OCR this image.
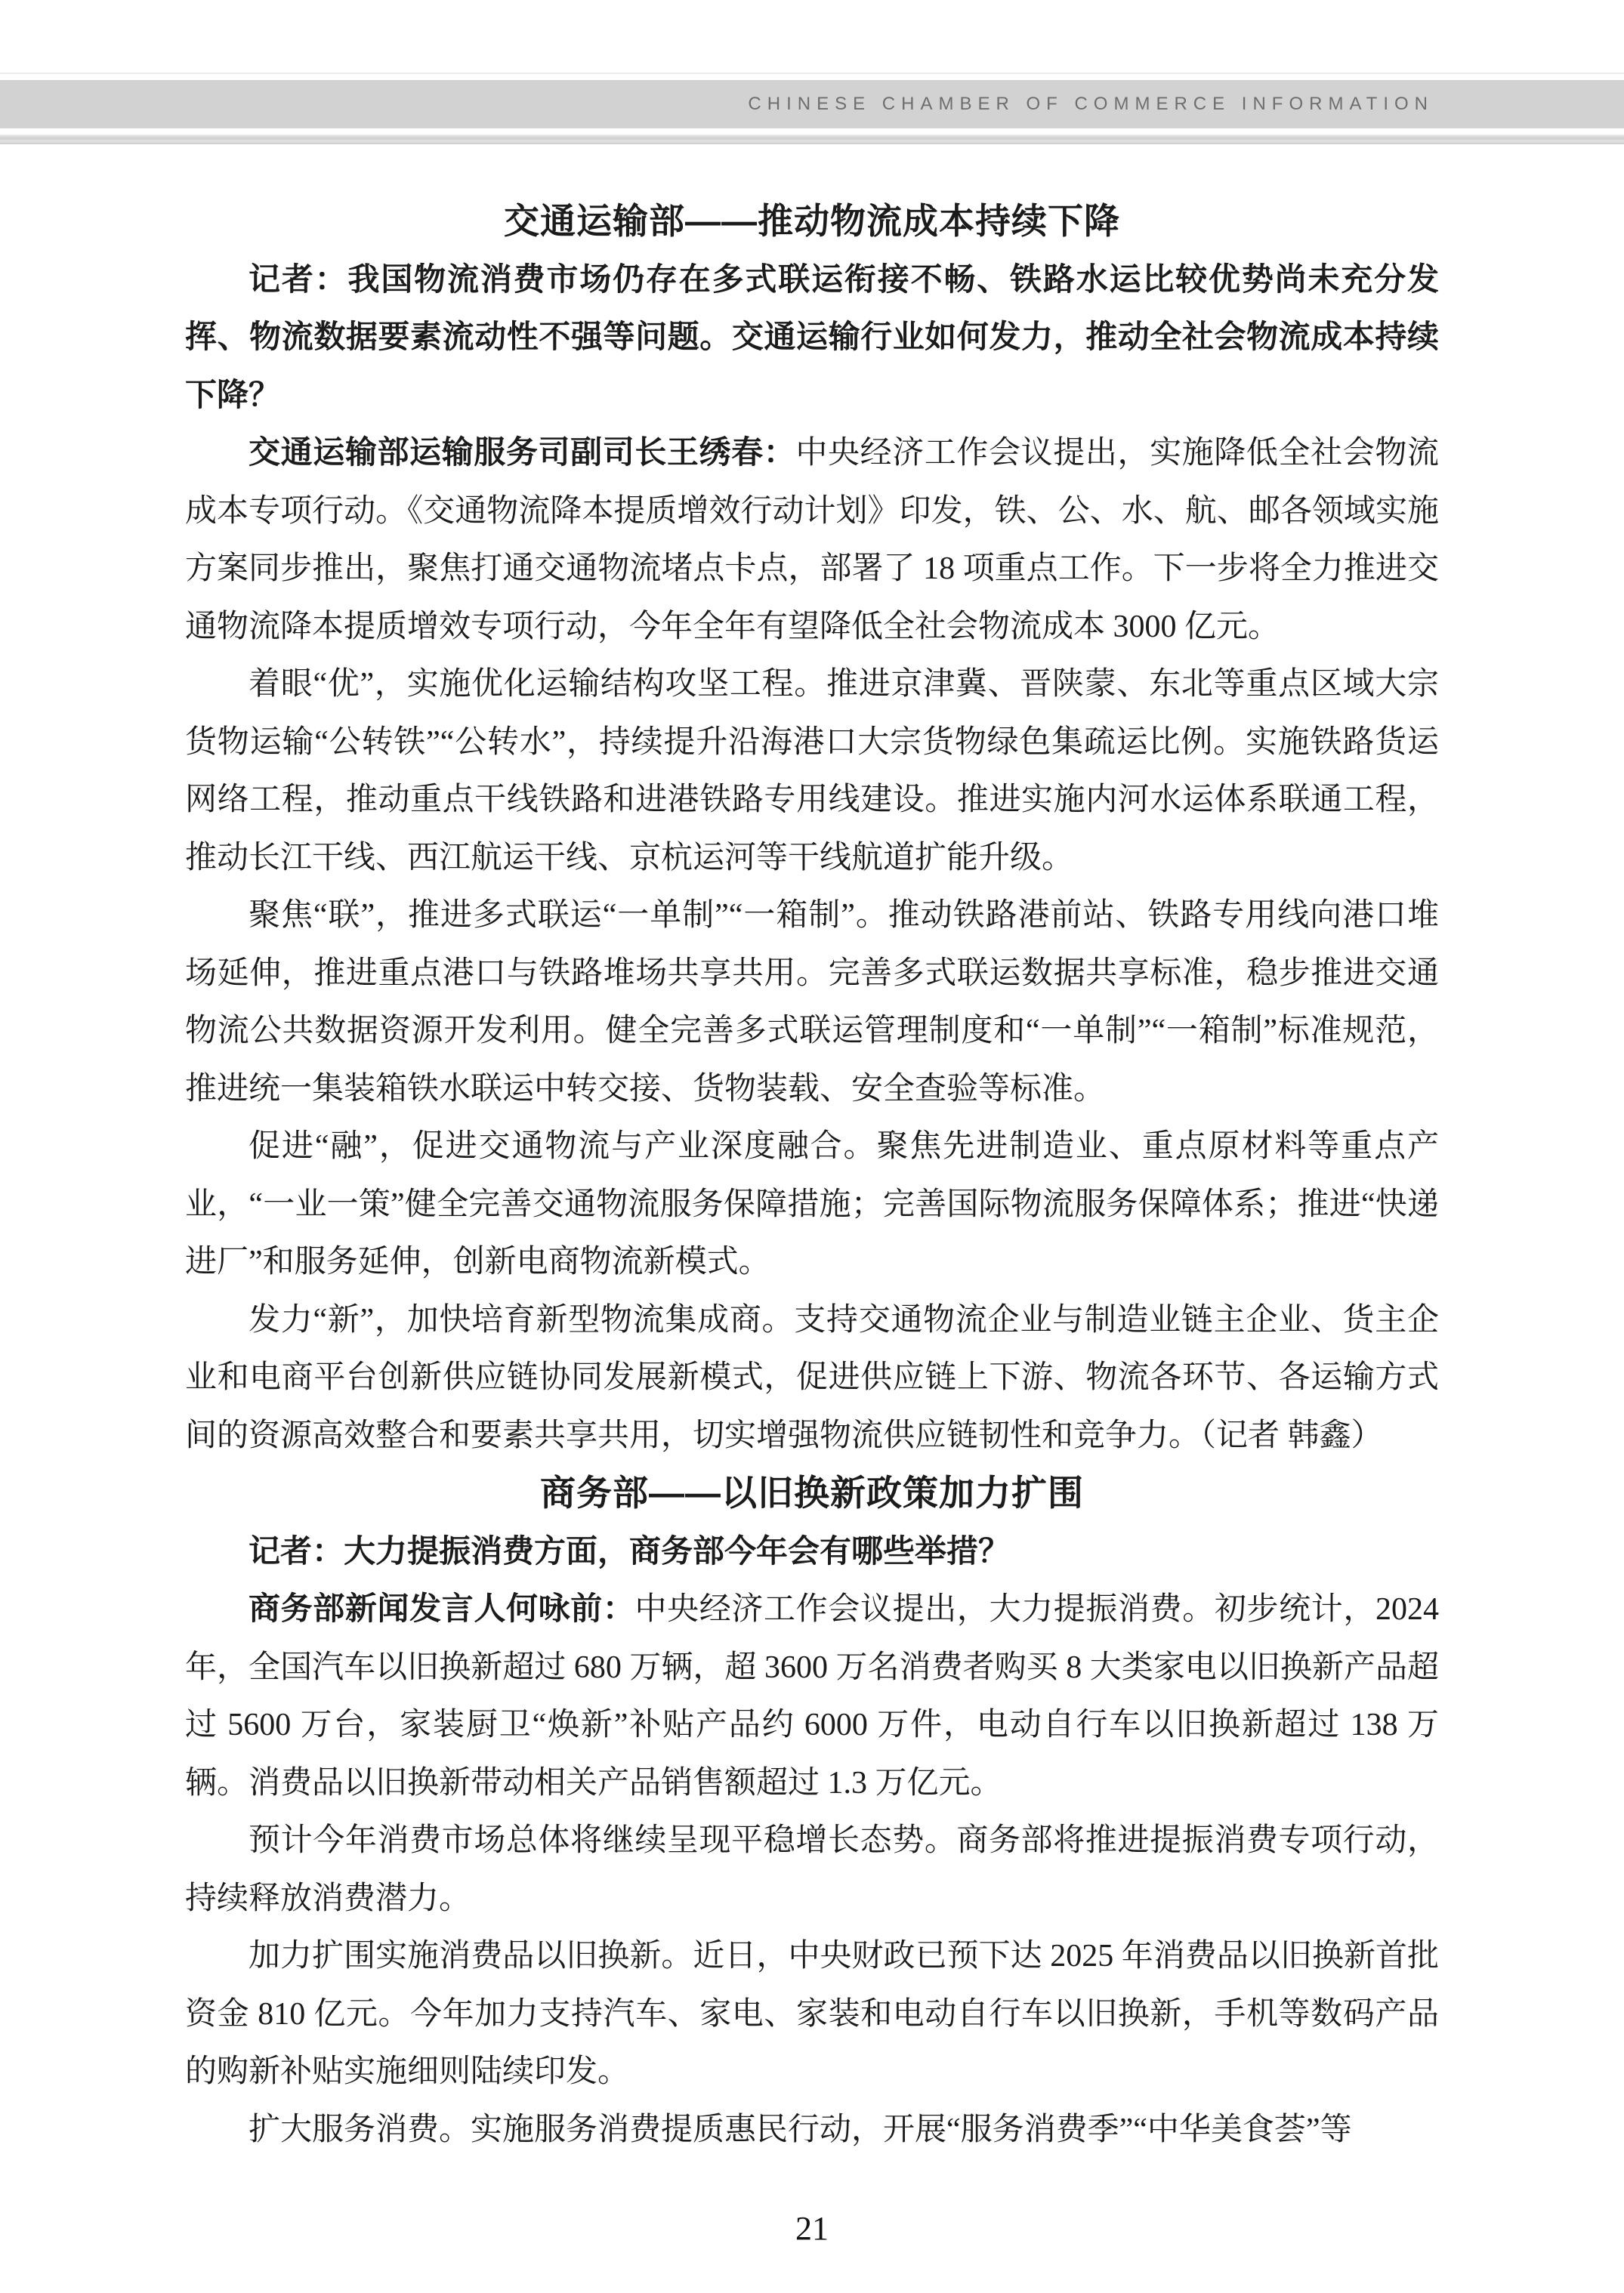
CHINESE CHAMBER OF COMMERCE INFORMATION
交通运输部——推动物流成本持续下降

记者：我国物流消费市场仍存在多式联运衔接不畅、铁路水运比较优势尚未充分发挥、物流数据要素流动性不强等问题。交通运输行业如何发力，推动全社会物流成本持续下降？

交通运输部运输服务司副司长王绣春：中央经济工作会议提出，实施降低全社会物流成本专项行动。《交通物流降本提质增效行动计划》印发，铁、公、水、航、邮各领域实施方案同步推出，聚焦打通交通物流堵点卡点，部署了 18 项重点工作。下一步将全力推进交通物流降本提质增效专项行动，今年全年有望降低全社会物流成本 3000 亿元。

着眼“优”，实施优化运输结构攻坚工程。推进京津冀、晋陕蒙、东北等重点区域大宗货物运输“公转铁”“公转水”，持续提升沿海港口大宗货物绿色集疏运比例。实施铁路货运网络工程，推动重点干线铁路和进港铁路专用线建设。推进实施内河水运体系联通工程，推动长江干线、西江航运干线、京杭运河等干线航道扩能升级。

聚焦“联”，推进多式联运“一单制”“一箱制”。推动铁路港前站、铁路专用线向港口堆场延伸，推进重点港口与铁路堆场共享共用。完善多式联运数据共享标准，稳步推进交通物流公共数据资源开发利用。健全完善多式联运管理制度和“一单制”“一箱制”标准规范，推进统一集装箱铁水联运中转交接、货物装载、安全查验等标准。

促进“融”，促进交通物流与产业深度融合。聚焦先进制造业、重点原材料等重点产业，“一业一策”健全完善交通物流服务保障措施；完善国际物流服务保障体系；推进“快递进厂”和服务延伸，创新电商物流新模式。

发力“新”，加快培育新型物流集成商。支持交通物流企业与制造业链主企业、货主企业和电商平台创新供应链协同发展新模式，促进供应链上下游、物流各环节、各运输方式间的资源高效整合和要素共享共用，切实增强物流供应链韧性和竞争力。（记者 韩鑫）

商务部——以旧换新政策加力扩围

记者：大力提振消费方面，商务部今年会有哪些举措？

商务部新闻发言人何咏前：中央经济工作会议提出，大力提振消费。初步统计，2024 年，全国汽车以旧换新超过 680 万辆，超 3600 万名消费者购买 8 大类家电以旧换新产品超过 5600 万台，家装厨卫“焕新”补贴产品约 6000 万件，电动自行车以旧换新超过 138 万辆。消费品以旧换新带动相关产品销售额超过 1.3 万亿元。

预计今年消费市场总体将继续呈现平稳增长态势。商务部将推进提振消费专项行动，持续释放消费潜力。

加力扩围实施消费品以旧换新。近日，中央财政已预下达 2025 年消费品以旧换新首批资金 810 亿元。今年加力支持汽车、家电、家装和电动自行车以旧换新，手机等数码产品的购新补贴实施细则陆续印发。

扩大服务消费。实施服务消费提质惠民行动，开展“服务消费季”“中华美食荟”等

21
